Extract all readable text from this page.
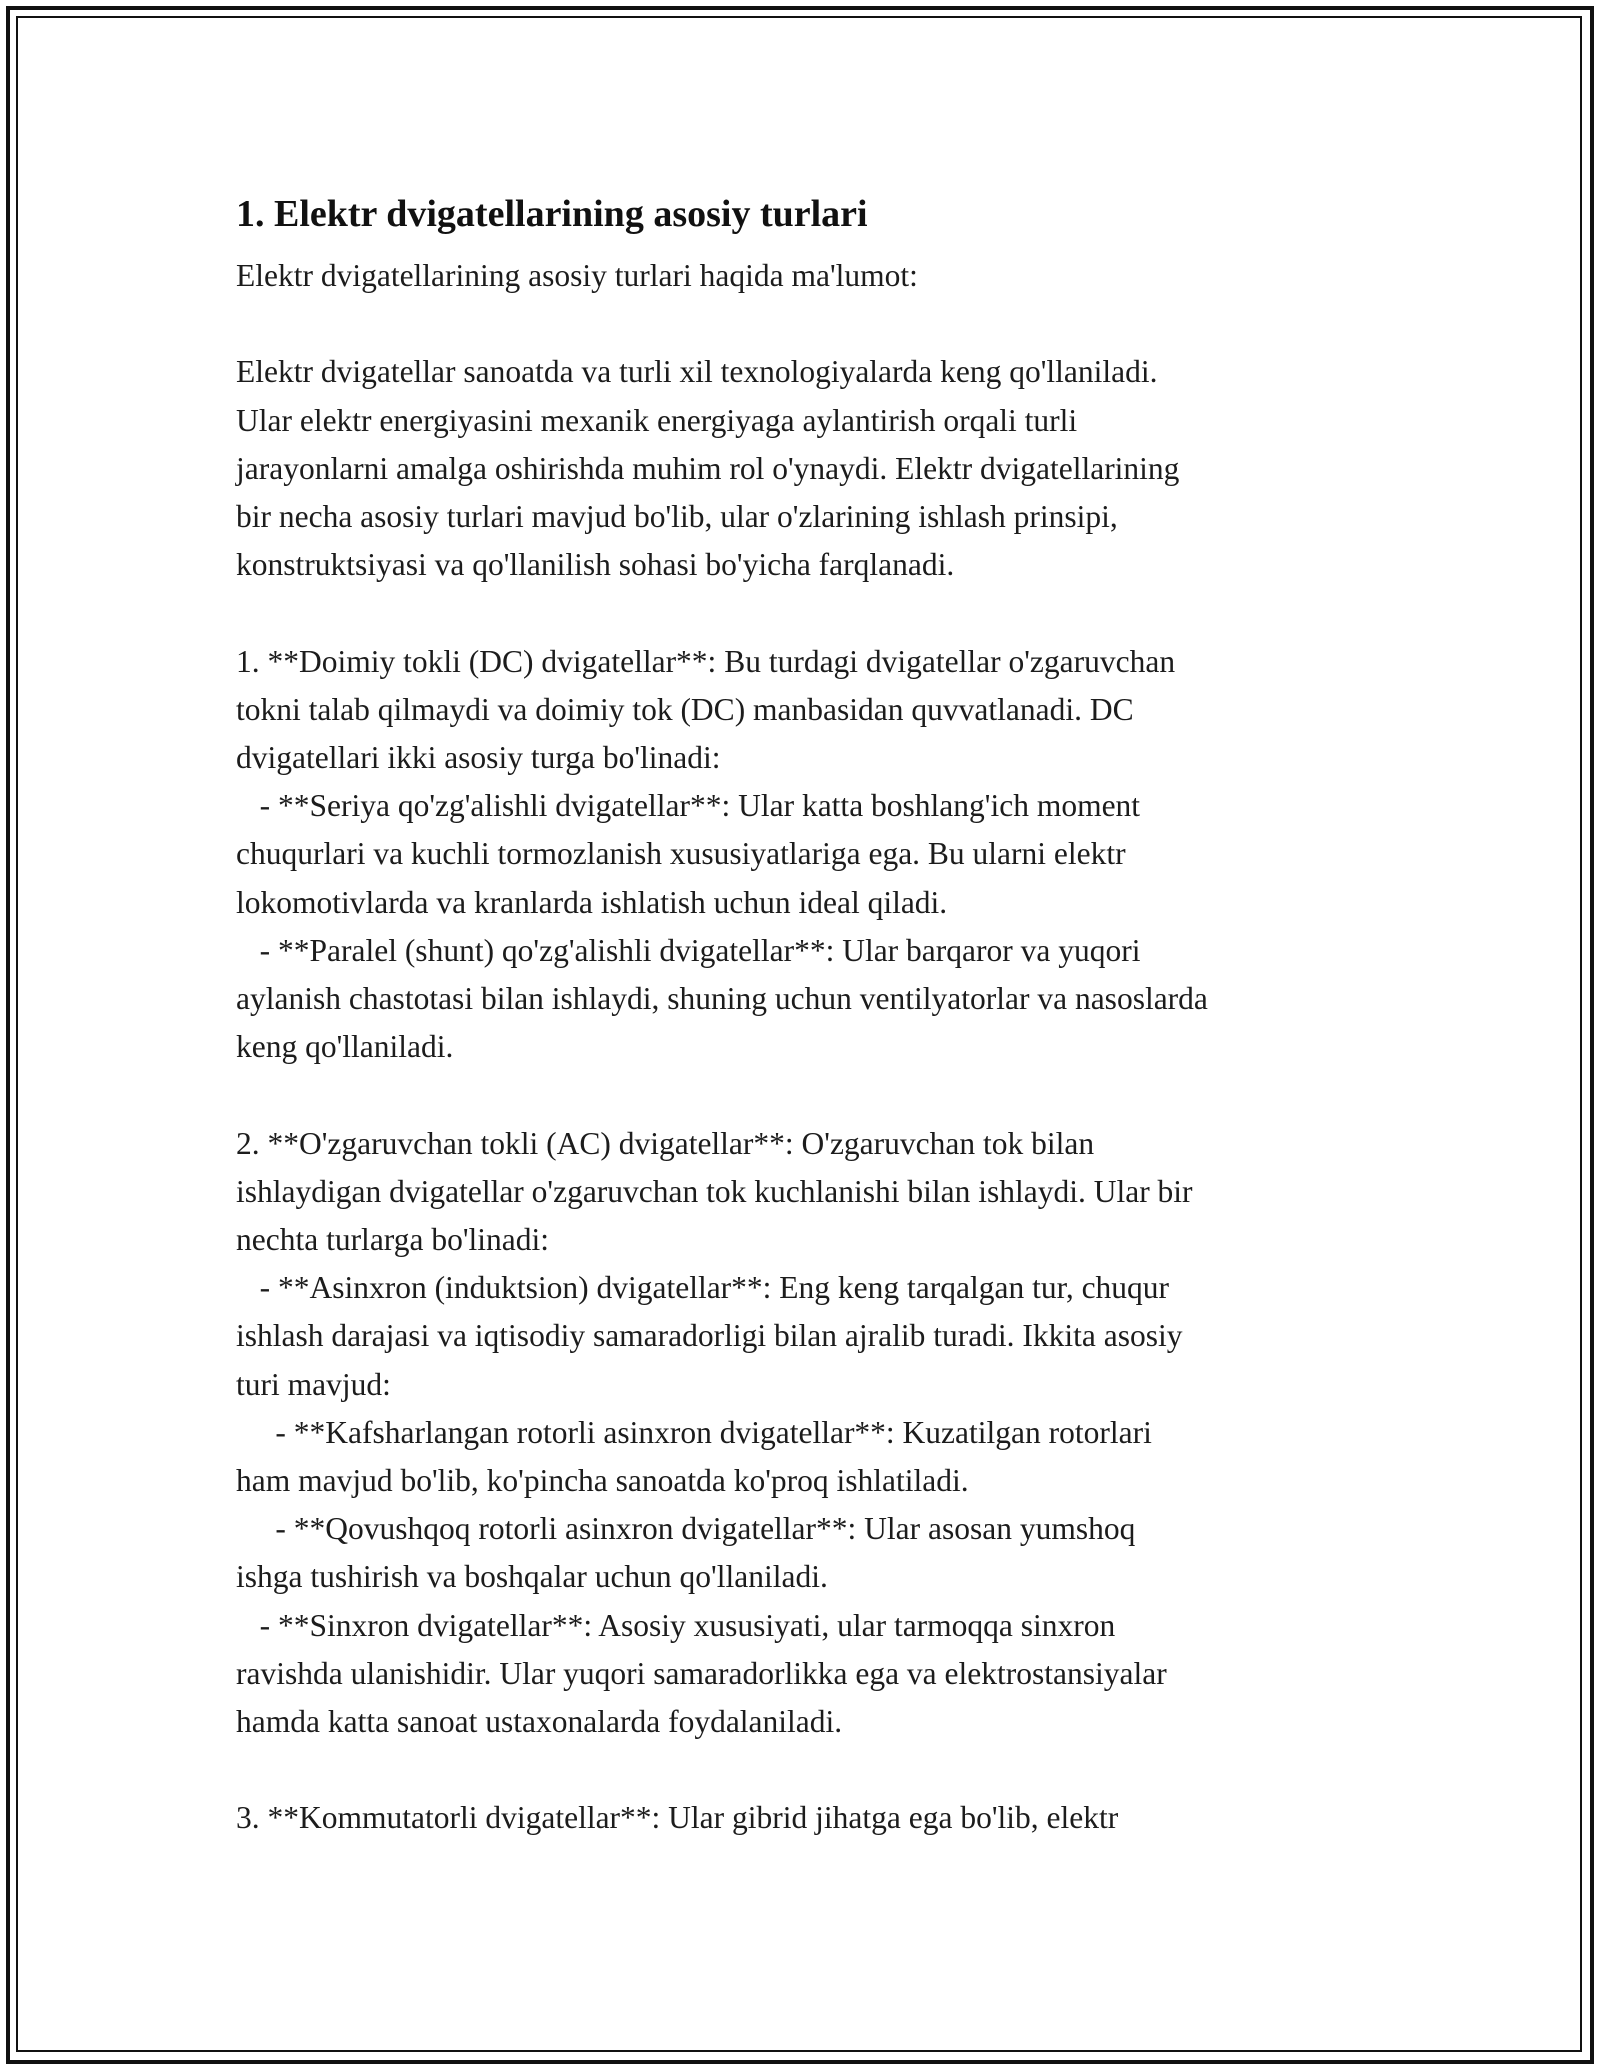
1. Elektr dvigatellarining asosiy turlari
Elektr dvigatellarining asosiy turlari haqida ma'lumot:
Elektr dvigatellar sanoatda va turli xil texnologiyalarda keng qo'llaniladi.
Ular elektr energiyasini mexanik energiyaga aylantirish orqali turli
jarayonlarni amalga oshirishda muhim rol o'ynaydi. Elektr dvigatellarining
bir necha asosiy turlari mavjud bo'lib, ular o'zlarining ishlash prinsipi,
konstruktsiyasi va qo'llanilish sohasi bo'yicha farqlanadi.
1. **Doimiy tokli (DC) dvigatellar**: Bu turdagi dvigatellar o'zgaruvchan
tokni talab qilmaydi va doimiy tok (DC) manbasidan quvvatlanadi. DC
dvigatellari ikki asosiy turga bo'linadi:
- **Seriya qo'zg'alishli dvigatellar**: Ular katta boshlang'ich moment
chuqurlari va kuchli tormozlanish xususiyatlariga ega. Bu ularni elektr
lokomotivlarda va kranlarda ishlatish uchun ideal qiladi.
- **Paralel (shunt) qo'zg'alishli dvigatellar**: Ular barqaror va yuqori
aylanish chastotasi bilan ishlaydi, shuning uchun ventilyatorlar va nasoslarda
keng qo'llaniladi.
2. **O'zgaruvchan tokli (AC) dvigatellar**: O'zgaruvchan tok bilan
ishlaydigan dvigatellar o'zgaruvchan tok kuchlanishi bilan ishlaydi. Ular bir
nechta turlarga bo'linadi:
- **Asinxron (induktsion) dvigatellar**: Eng keng tarqalgan tur, chuqur
ishlash darajasi va iqtisodiy samaradorligi bilan ajralib turadi. Ikkita asosiy
turi mavjud:
- **Kafsharlangan rotorli asinxron dvigatellar**: Kuzatilgan rotorlari
ham mavjud bo'lib, ko'pincha sanoatda ko'proq ishlatiladi.
- **Qovushqoq rotorli asinxron dvigatellar**: Ular asosan yumshoq
ishga tushirish va boshqalar uchun qo'llaniladi.
- **Sinxron dvigatellar**: Asosiy xususiyati, ular tarmoqqa sinxron
ravishda ulanishidir. Ular yuqori samaradorlikka ega va elektrostansiyalar
hamda katta sanoat ustaxonalarda foydalaniladi.
3. **Kommutatorli dvigatellar**: Ular gibrid jihatga ega bo'lib, elektr
